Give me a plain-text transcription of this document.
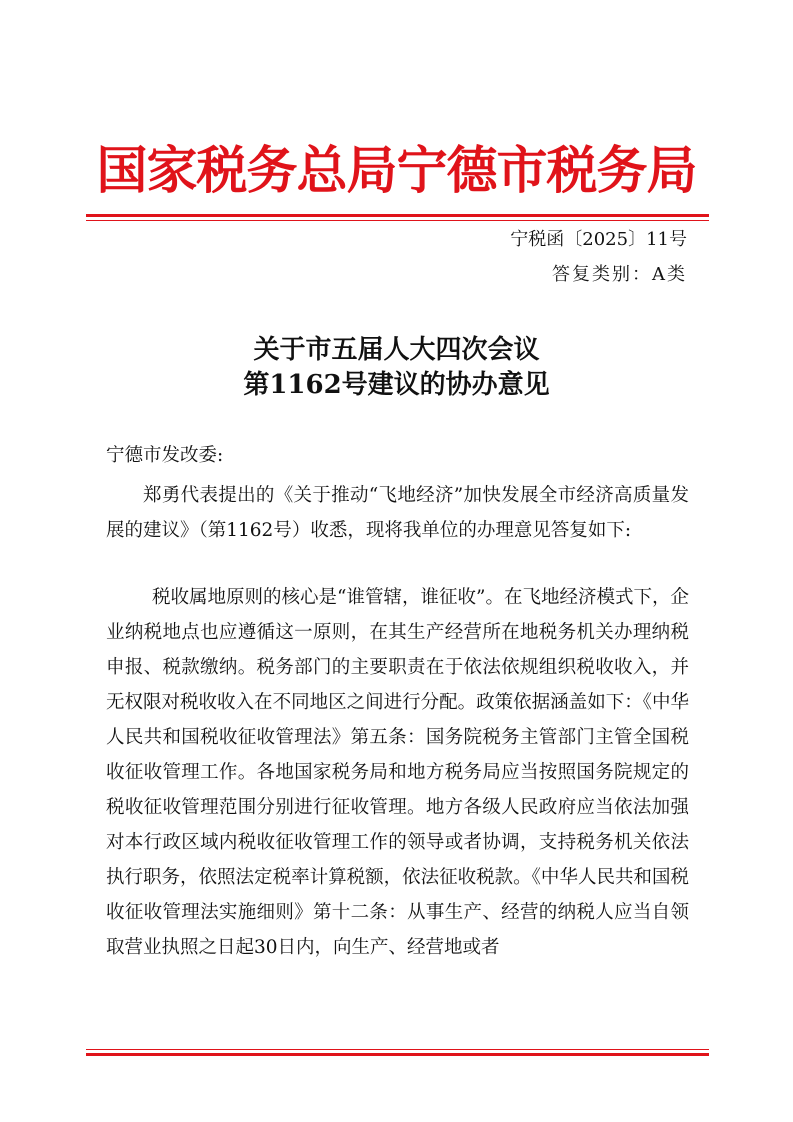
国家税务总局宁德市税务局
宁税函〔2025〕11号
答复类别：A类
关于市五届人大四次会议
第1162号建议的协办意见
宁德市发改委:
郑勇代表提出的《关于推动“飞地经济”加快发展全市经济高质量发展的建议》（第1162号）收悉，现将我单位的办理意见答复如下:
税收属地原则的核心是“谁管辖，谁征收”。在飞地经济模式下，企业纳税地点也应遵循这一原则，在其生产经营所在地税务机关办理纳税申报、税款缴纳。税务部门的主要职责在于依法依规组织税收收入，并无权限对税收收入在不同地区之间进行分配。政策依据涵盖如下：《中华人民共和国税收征收管理法》第五条：国务院税务主管部门主管全国税收征收管理工作。各地国家税务局和地方税务局应当按照国务院规定的税收征收管理范围分别进行征收管理。地方各级人民政府应当依法加强对本行政区域内税收征收管理工作的领导或者协调，支持税务机关依法执行职务，依照法定税率计算税额，依法征收税款。《中华人民共和国税收征收管理法实施细则》第十二条：从事生产、经营的纳税人应当自领取营业执照之日起30日内，向生产、经营地或者
